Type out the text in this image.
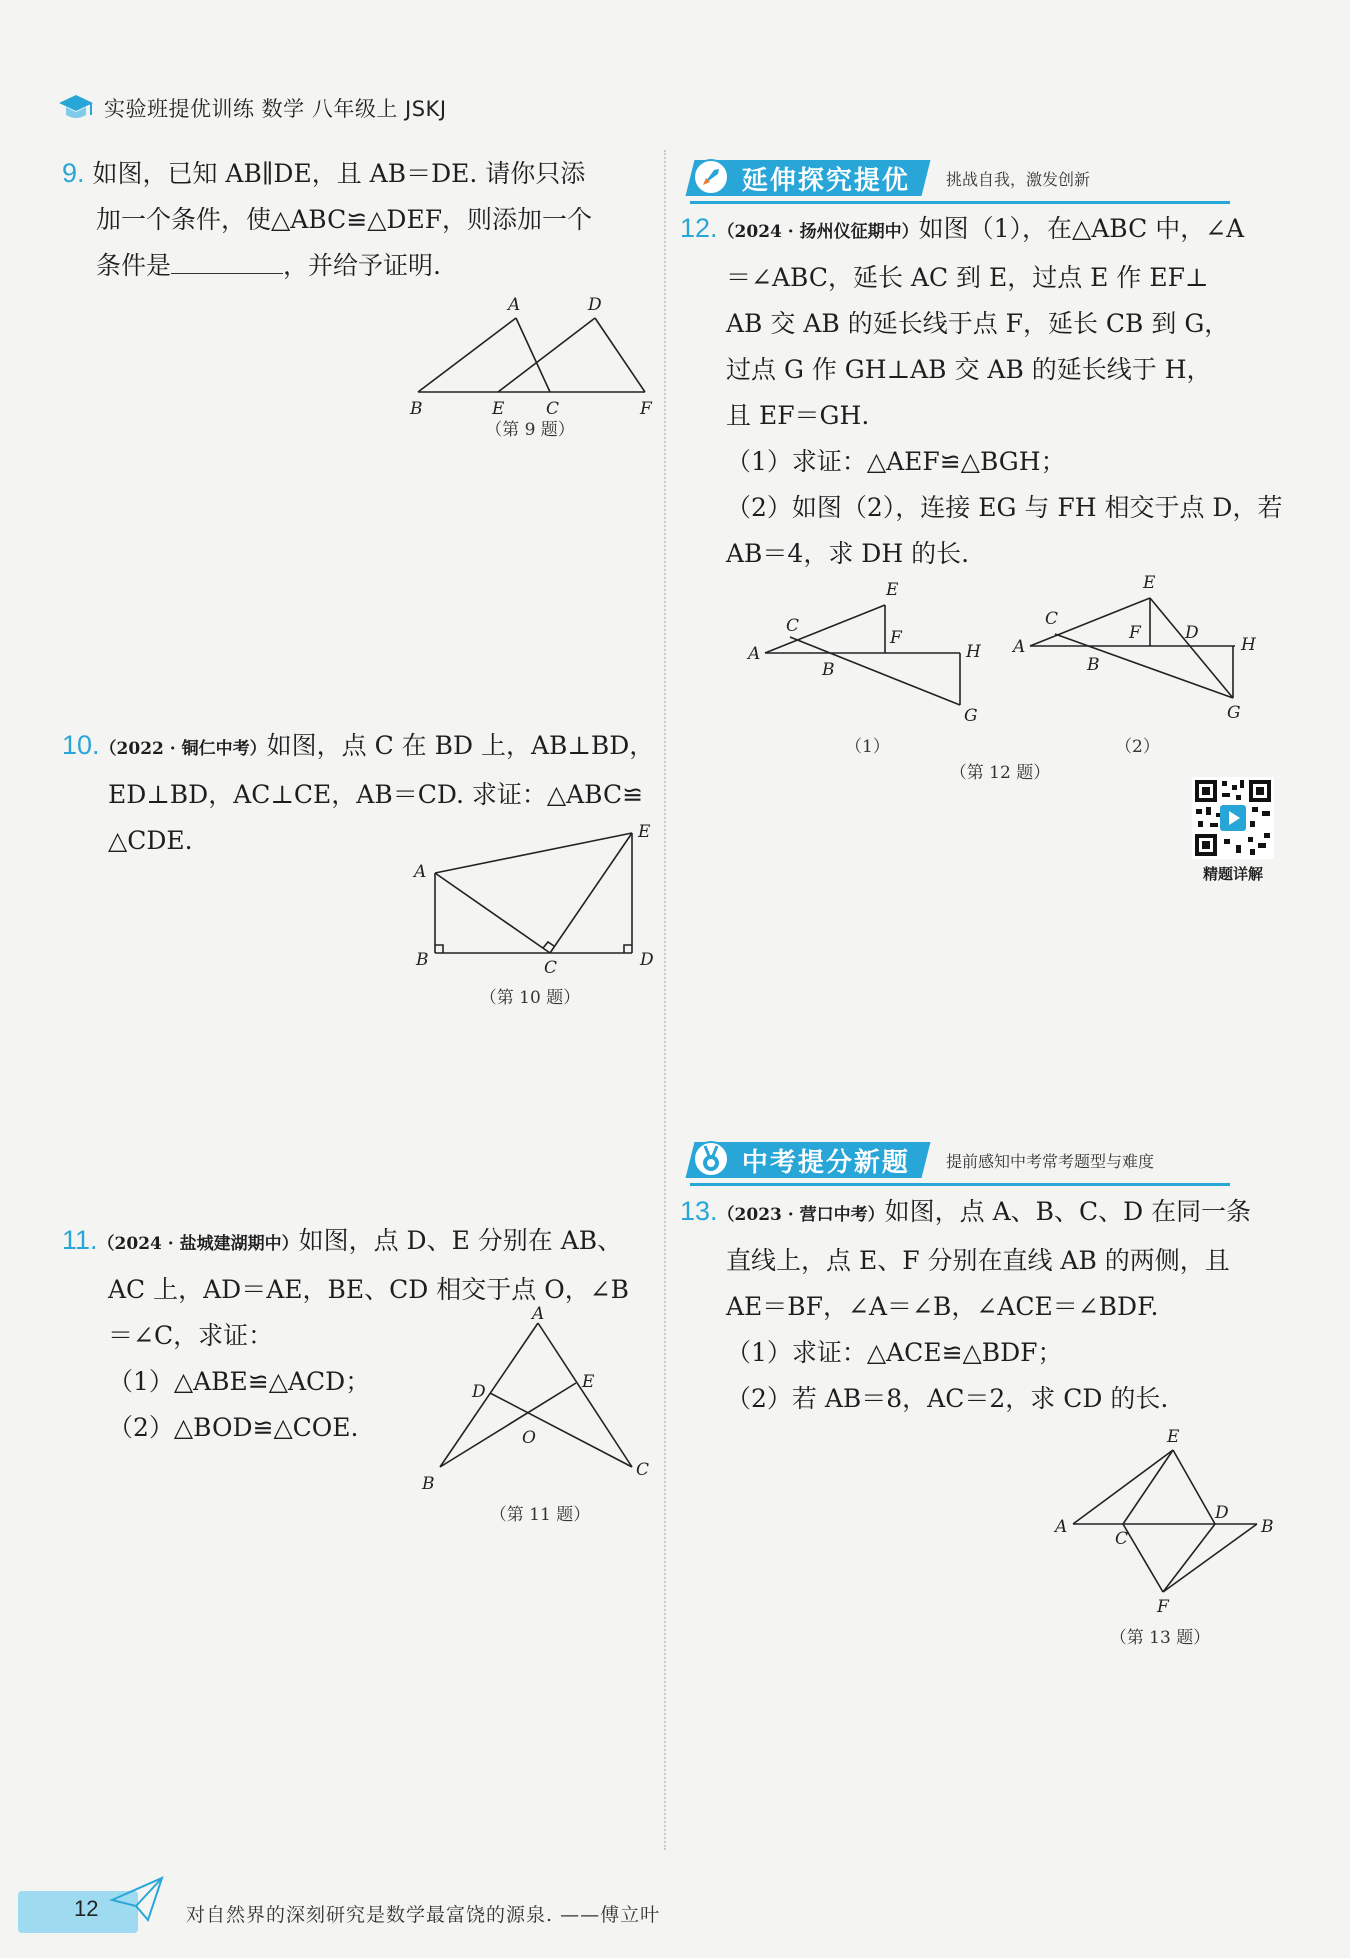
实验班提优训练 数学 八年级上 JSKJ
9. 如图，已知 AB∥DE，且 AB＝DE. 请你只添
加一个条件，使△ABC≌△DEF，则添加一个
条件是	，并给予证明.
A	D
B	E C	F
（第 9 题）
10.（2022 · 铜仁中考）如图，点 C 在 BD 上，AB⊥BD，
ED⊥BD，AC⊥CE，AB＝CD. 求证：△ABC≌
△CDE.
A
B	C	D
E
（第 10 题）
11.（2024 · 盐城建湖期中）如图，点 D、E 分别在 AB、
AC 上，AD＝AE，BE、CD 相交于点 O，∠B
＝∠C，求证：
（1）△ABE≌△ACD；
（2）△BOD≌△COE.
A
D	E
O
B
C
（第 11 题）
延伸探究提优 挑战自我，激发创新
12.（2024 · 扬州仪征期中）如图（1），在△ABC 中，∠A
＝∠ABC，延长 AC 到 E，过点 E 作 EF⊥
AB 交 AB 的延长线于点 F，延长 CB 到 G，
过点 G 作 GH⊥AB 交 AB 的延长线于 H，
且 EF＝GH.
（1）求证：△AEF≌△BGH；
（2）如图（2），连接 EG 与 FH 相交于点 D，若
AB＝4，求 DH 的长.
A
C
B
E
F
H
G
A
C
B
E
F	D
H
G
（1）	（2）
（第 12 题）
精题详解
中考提分新题 提前感知中考常考题型与难度
13.（2023 · 营口中考）如图，点 A、B、C、D 在同一条
直线上，点 E、F 分别在直线 AB 的两侧，且
AE＝BF，∠A＝∠B，∠ACE＝∠BDF.
（1）求证：△ACE≌△BDF；
（2）若 AB＝8，AC＝2，求 CD 的长.
E
A
C
D
B
F
（第 13 题）
12	对自然界的深刻研究是数学最富饶的源泉. ——傅立叶
